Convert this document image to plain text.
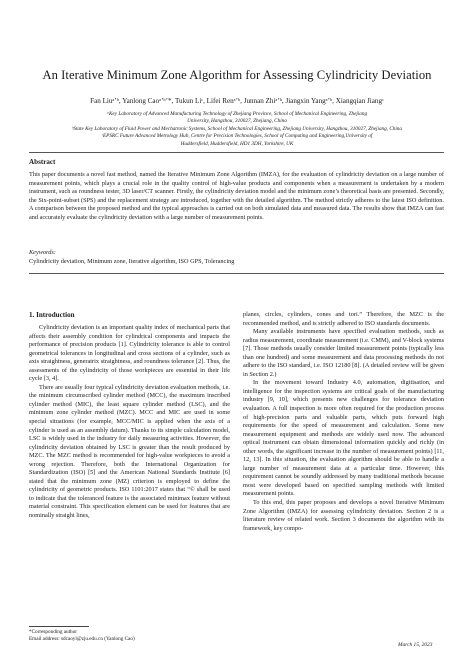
An Iterative Minimum Zone Algorithm for Assessing Cylindricity Deviation
Fan Liuᵃʼᵇ, Yanlong Caoᵃʼᵇʼ*, Tukun Liᶜ, Lifei Renᵃʼᵇ, Junnan Zhiᵃʼᵇ, Jiangxin Yangᵃʼᵇ, Xiangqian Jiangᶜ
ᵃKey Laboratory of Advanced Manufacturing Technology of Zhejiang Province, School of Mechanical Engineering, Zhejiang
University, Hangzhou, 310027, Zhejiang, China
ᵇState Key Laboratory of Fluid Power and Mechatronic Systems, School of Mechanical Engineering, Zhejiang University, Hangzhou, 310027, Zhejiang, China
ᶜEPSRC Future Advanced Metrology Hub, Centre for Precision Technologies, School of Computing and Engineering,University of
Huddersfield, Huddersfield, HD1 3DH, Yorkshire, UK
Abstract
This paper documents a novel fast method, named the Iterative Minimum Zone Algorithm (IMZA), for the evaluation of cylindricity deviation on a large number of measurement points, which plays a crucial role in the quality control of high-value products and components when a measurement is undertaken by a modern instrument, such as roundness tester, 3D laser/CT scanner. Firstly, the cylindricity deviation model and the minimum zone’s theoretical basis are presented. Secondly, the Six-point-subset (SPS) and the replacement strategy are introduced, together with the detailed algorithm. The method strictly adheres to the latest ISO definition. A comparison between the proposed method and the typical approaches is carried out on both simulated data and measured data. The results show that IMZA can fast and accurately evaluate the cylindricity deviation with a large number of measurement points.
Keywords:
Cylindricity deviation, Minimum zone, Iterative algorithm, ISO GPS, Tolerancing
1. Introduction

Cylindricity deviation is an important quality index of mechanical parts that affects their assembly condition for cylindrical components and impacts the performance of precision products [1]. Cylindricity tolerance is able to control geometrical tolerances in longitudinal and cross sections of a cylinder, such as axis straightness, generatrix straightness, and roundness tolerance [2]. Thus, the assessments of the cylindricity of those workpieces are essential in their life cycle [3, 4].

There are usually four typical cylindricity deviation evaluation methods, i.e. the minimum circumscribed cylinder method (MCC), the maximum inscribed cylinder method (MIC), the least square cylinder method (LSC), and the minimum zone cylinder method (MZC). MCC and MIC are used in some special situations (for example, MCC/MIC is applied when the axis of a cylinder is used as an assembly datum). Thanks to its simple calculation model, LSC is widely used in the industry for daily measuring activities. However, the cylindricity deviation obtained by LSC is greater than the result produced by MZC. The MZC method is recommended for high-value workpieces to avoid a wrong rejection. Therefore, both the International Organization for Standardization (ISO) [5] and the American National Standards Institute [6] stated that the minimum zone (MZ) criterion is employed to define the cylindricity of geometric products. ISO 1101:2017 states that “© shall be used to indicate that the toleranced feature is the associated minimax feature without material constraint. This specification element can be used for features that are nominally straight lines,

planes, circles, cylinders, cones and tori.” Therefore, the MZC is the recommended method, and is strictly adhered to ISO standards documents.

Many available instruments have specified evaluation methods, such as radius measurement, coordinate measurement (i.e. CMM), and V-block systems [7]. Those methods usually consider limited measurement points (typically less than one hundred) and some measurement and data processing methods do not adhere to the ISO standard, i.e. ISO 12180 [8]. (A detailed review will be given in Section 2.)

In the movement toward Industry 4.0, automation, digitisation, and intelligence for the inspection systems are critical goals of the manufacturing industry [9, 10], which presents new challenges for tolerance deviation evaluation. A full inspection is more often required for the production process of high-precision parts and valuable parts, which puts forward high requirements for the speed of measurement and calculation. Some new measurement equipment and methods are widely used now. The advanced optical instrument can obtain dimensional information quickly and richly (in other words, the significant increase in the number of measurement points) [11, 12, 13]. In this situation, the evaluation algorithm should be able to handle a large number of measurement data at a particular time. However, this requirement cannot be soundly addressed by many traditional methods because most were developed based on specified sampling methods with limited measurement points.

To this end, this paper proposes and develops a novel Iterative Minimum Zone Algorithm (IMZA) for assessing cylindricity deviation. Section 2 is a literature review of related work. Section 3 documents the algorithm with its framework, key compo-

*Corresponding author
Email address: sdcaoyl@zju.edu.cn (Yanlong Cao)
March 15, 2023
